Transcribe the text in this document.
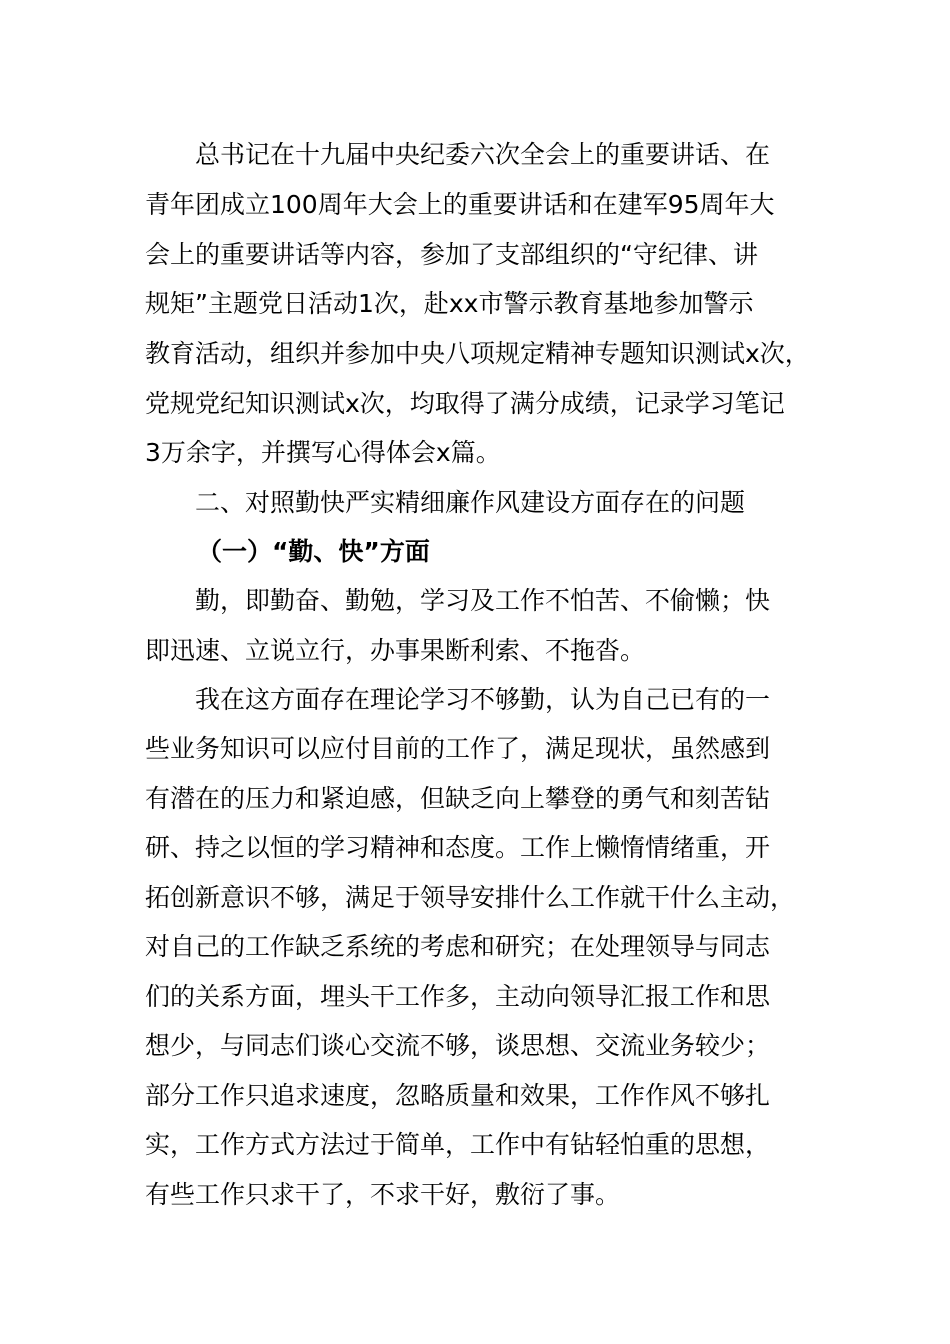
总书记在十九届中央纪委六次全会上的重要讲话、在
青年团成立100周年大会上的重要讲话和在建军95周年大
会上的重要讲话等内容，参加了支部组织的“守纪律、讲
规矩”主题党日活动1次，赴xx市警示教育基地参加警示
教育活动，组织并参加中央八项规定精神专题知识测试x次，
党规党纪知识测试x次，均取得了满分成绩，记录学习笔记
3万余字，并撰写心得体会x篇。
二、对照勤快严实精细廉作风建设方面存在的问题
（一）“勤、快”方面
勤，即勤奋、勤勉，学习及工作不怕苦、不偷懒；快
即迅速、立说立行，办事果断利索、不拖沓。
我在这方面存在理论学习不够勤，认为自己已有的一
些业务知识可以应付目前的工作了，满足现状，虽然感到
有潜在的压力和紧迫感，但缺乏向上攀登的勇气和刻苦钻
研、持之以恒的学习精神和态度。工作上懒惰情绪重，开
拓创新意识不够，满足于领导安排什么工作就干什么主动，
对自己的工作缺乏系统的考虑和研究；在处理领导与同志
们的关系方面，埋头干工作多，主动向领导汇报工作和思
想少，与同志们谈心交流不够，谈思想、交流业务较少；
部分工作只追求速度，忽略质量和效果，工作作风不够扎
实，工作方式方法过于简单，工作中有钻轻怕重的思想，
有些工作只求干了，不求干好，敷衍了事。
